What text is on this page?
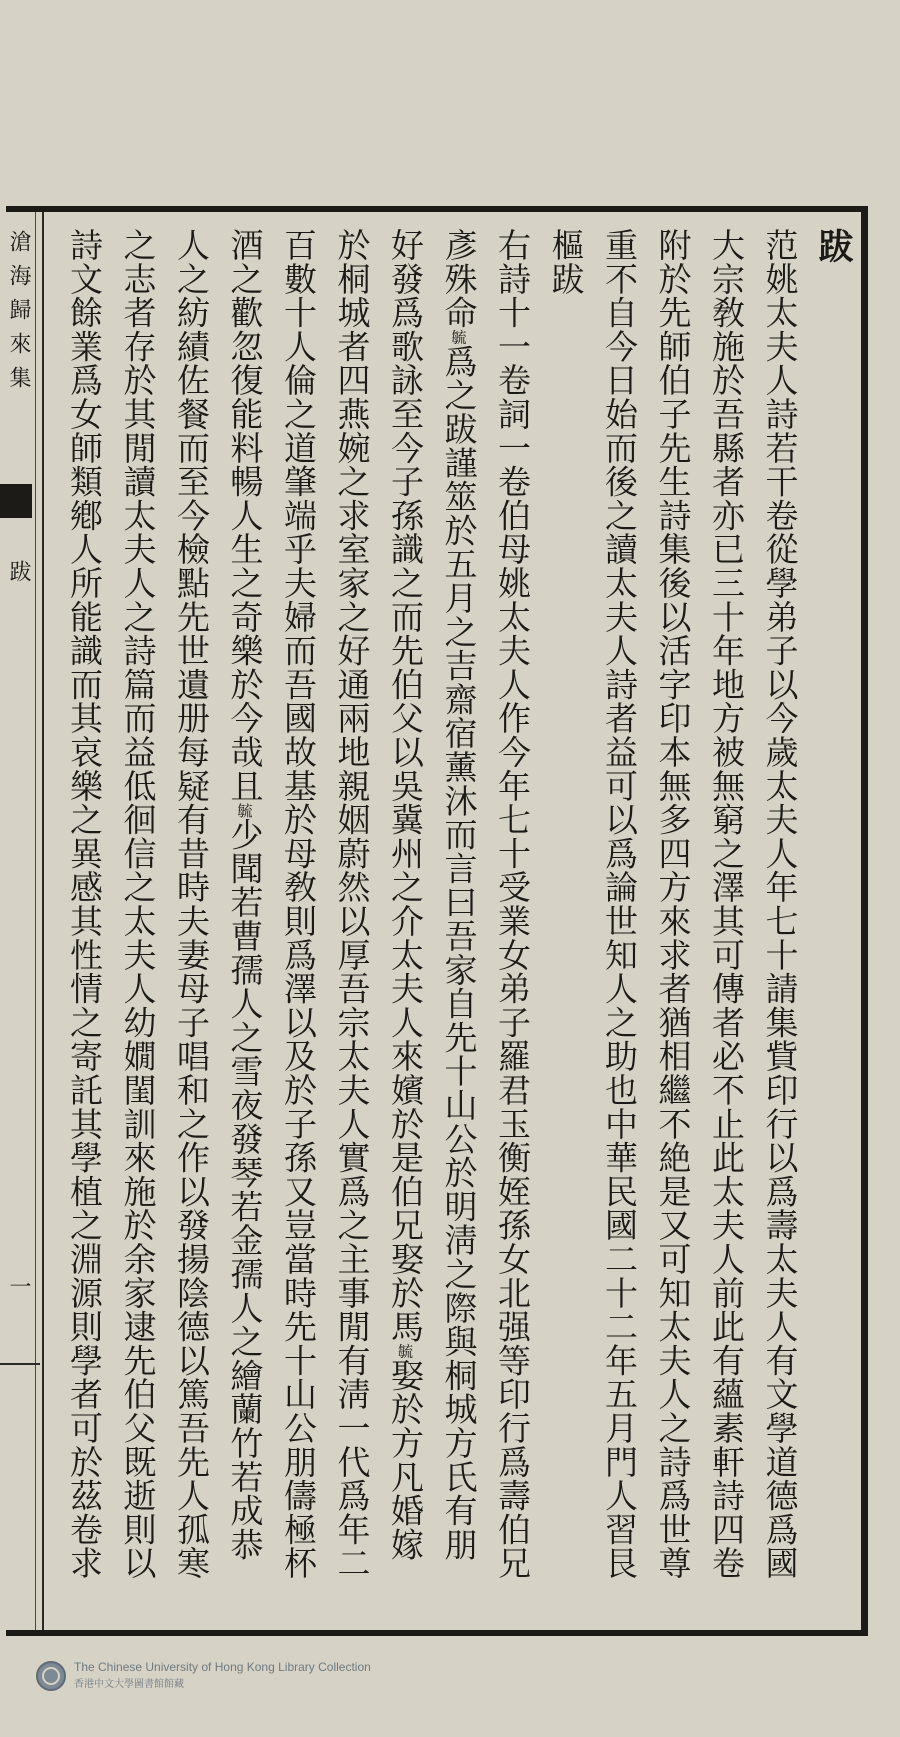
滄海歸來集
跋
一
跋
范姚太夫人詩若干卷從學弟子以今歲太夫人年七十請集貲印行以爲壽太夫人有文學道德爲國
大宗敎施於吾縣者亦已三十年地方被無窮之澤其可傳者必不止此太夫人前此有蘊素軒詩四卷
附於先師伯子先生詩集後以活字印本無多四方來求者猶相繼不絶是又可知太夫人之詩爲世尊
重不自今日始而後之讀太夫人詩者益可以爲論世知人之助也中華民國二十二年五月門人習艮
樞跋
右詩十一卷詞一卷伯母姚太夫人作今年七十受業女弟子羅君玉衡姪孫女北强等印行爲壽伯兄
彥殊命毓爲之跋謹筮於五月之吉齋宿薰沐而言曰吾家自先十山公於明淸之際與桐城方氏有朋
好發爲歌詠至今子孫識之而先伯父以吳冀州之介太夫人來嬪於是伯兄娶於馬毓娶於方凡婚嫁
於桐城者四燕婉之求室家之好通兩地親姻蔚然以厚吾宗太夫人實爲之主事閒有淸一代爲年二
百數十人倫之道肇端乎夫婦而吾國故基於母敎則爲澤以及於子孫又豈當時先十山公朋儔極杯
酒之歡忽復能料暢人生之奇樂於今哉且毓少聞若曹孺人之雪夜發琴若金孺人之繪蘭竹若成恭
人之紡績佐餐而至今檢點先世遺册每疑有昔時夫妻母子唱和之作以發揚陰德以篤吾先人孤寒
之志者存於其閒讀太夫人之詩篇而益低徊信之太夫人幼嫺閨訓來施於余家逮先伯父既逝則以
詩文餘業爲女師類鄕人所能識而其哀樂之異感其性情之寄託其學植之淵源則學者可於茲卷求
The Chinese University of Hong Kong Library Collection
香港中文大學圖書館館藏
